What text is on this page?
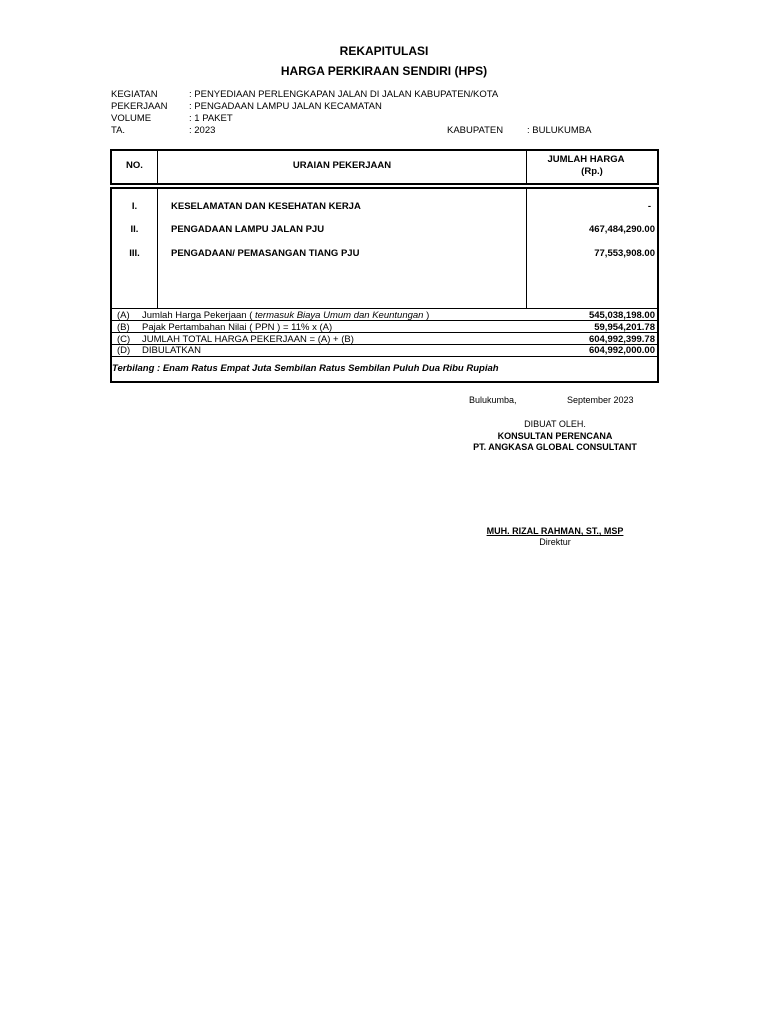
REKAPITULASI
HARGA PERKIRAAN SENDIRI (HPS)
KEGIATAN	: PENYEDIAAN PERLENGKAPAN JALAN DI JALAN KABUPATEN/KOTA
PEKERJAAN : PENGADAAN LAMPU JALAN KECAMATAN
VOLUME	: 1 PAKET
TA.	: 2023	KABUPATEN	: BULUKUMBA
NO.	URAIAN PEKERJAAN
JUMLAH HARGA
(Rp.)
I.	KESELAMATAN DAN KESEHATAN KERJA	-
II.	PENGADAAN LAMPU JALAN PJU	467,484,290.00
III.	PENGADAAN/ PEMASANGAN TIANG PJU	77,553,908.00
(A) Jumlah Harga Pekerjaan ( termasuk Biaya Umum dan Keuntungan )	545,038,198.00
(B) Pajak Pertambahan Nilai ( PPN ) = 11% x (A)	59,954,201.78
(C) JUMLAH TOTAL HARGA PEKERJAAN = (A) + (B)	604,992,399.78
(D) DIBULATKAN	604,992,000.00
Terbilang : Enam Ratus Empat Juta Sembilan Ratus Sembilan Puluh Dua Ribu Rupiah
Bulukumba,	September 2023
DIBUAT OLEH.
KONSULTAN PERENCANA
PT. ANGKASA GLOBAL CONSULTANT
MUH. RIZAL RAHMAN, ST., MSP
Direktur
